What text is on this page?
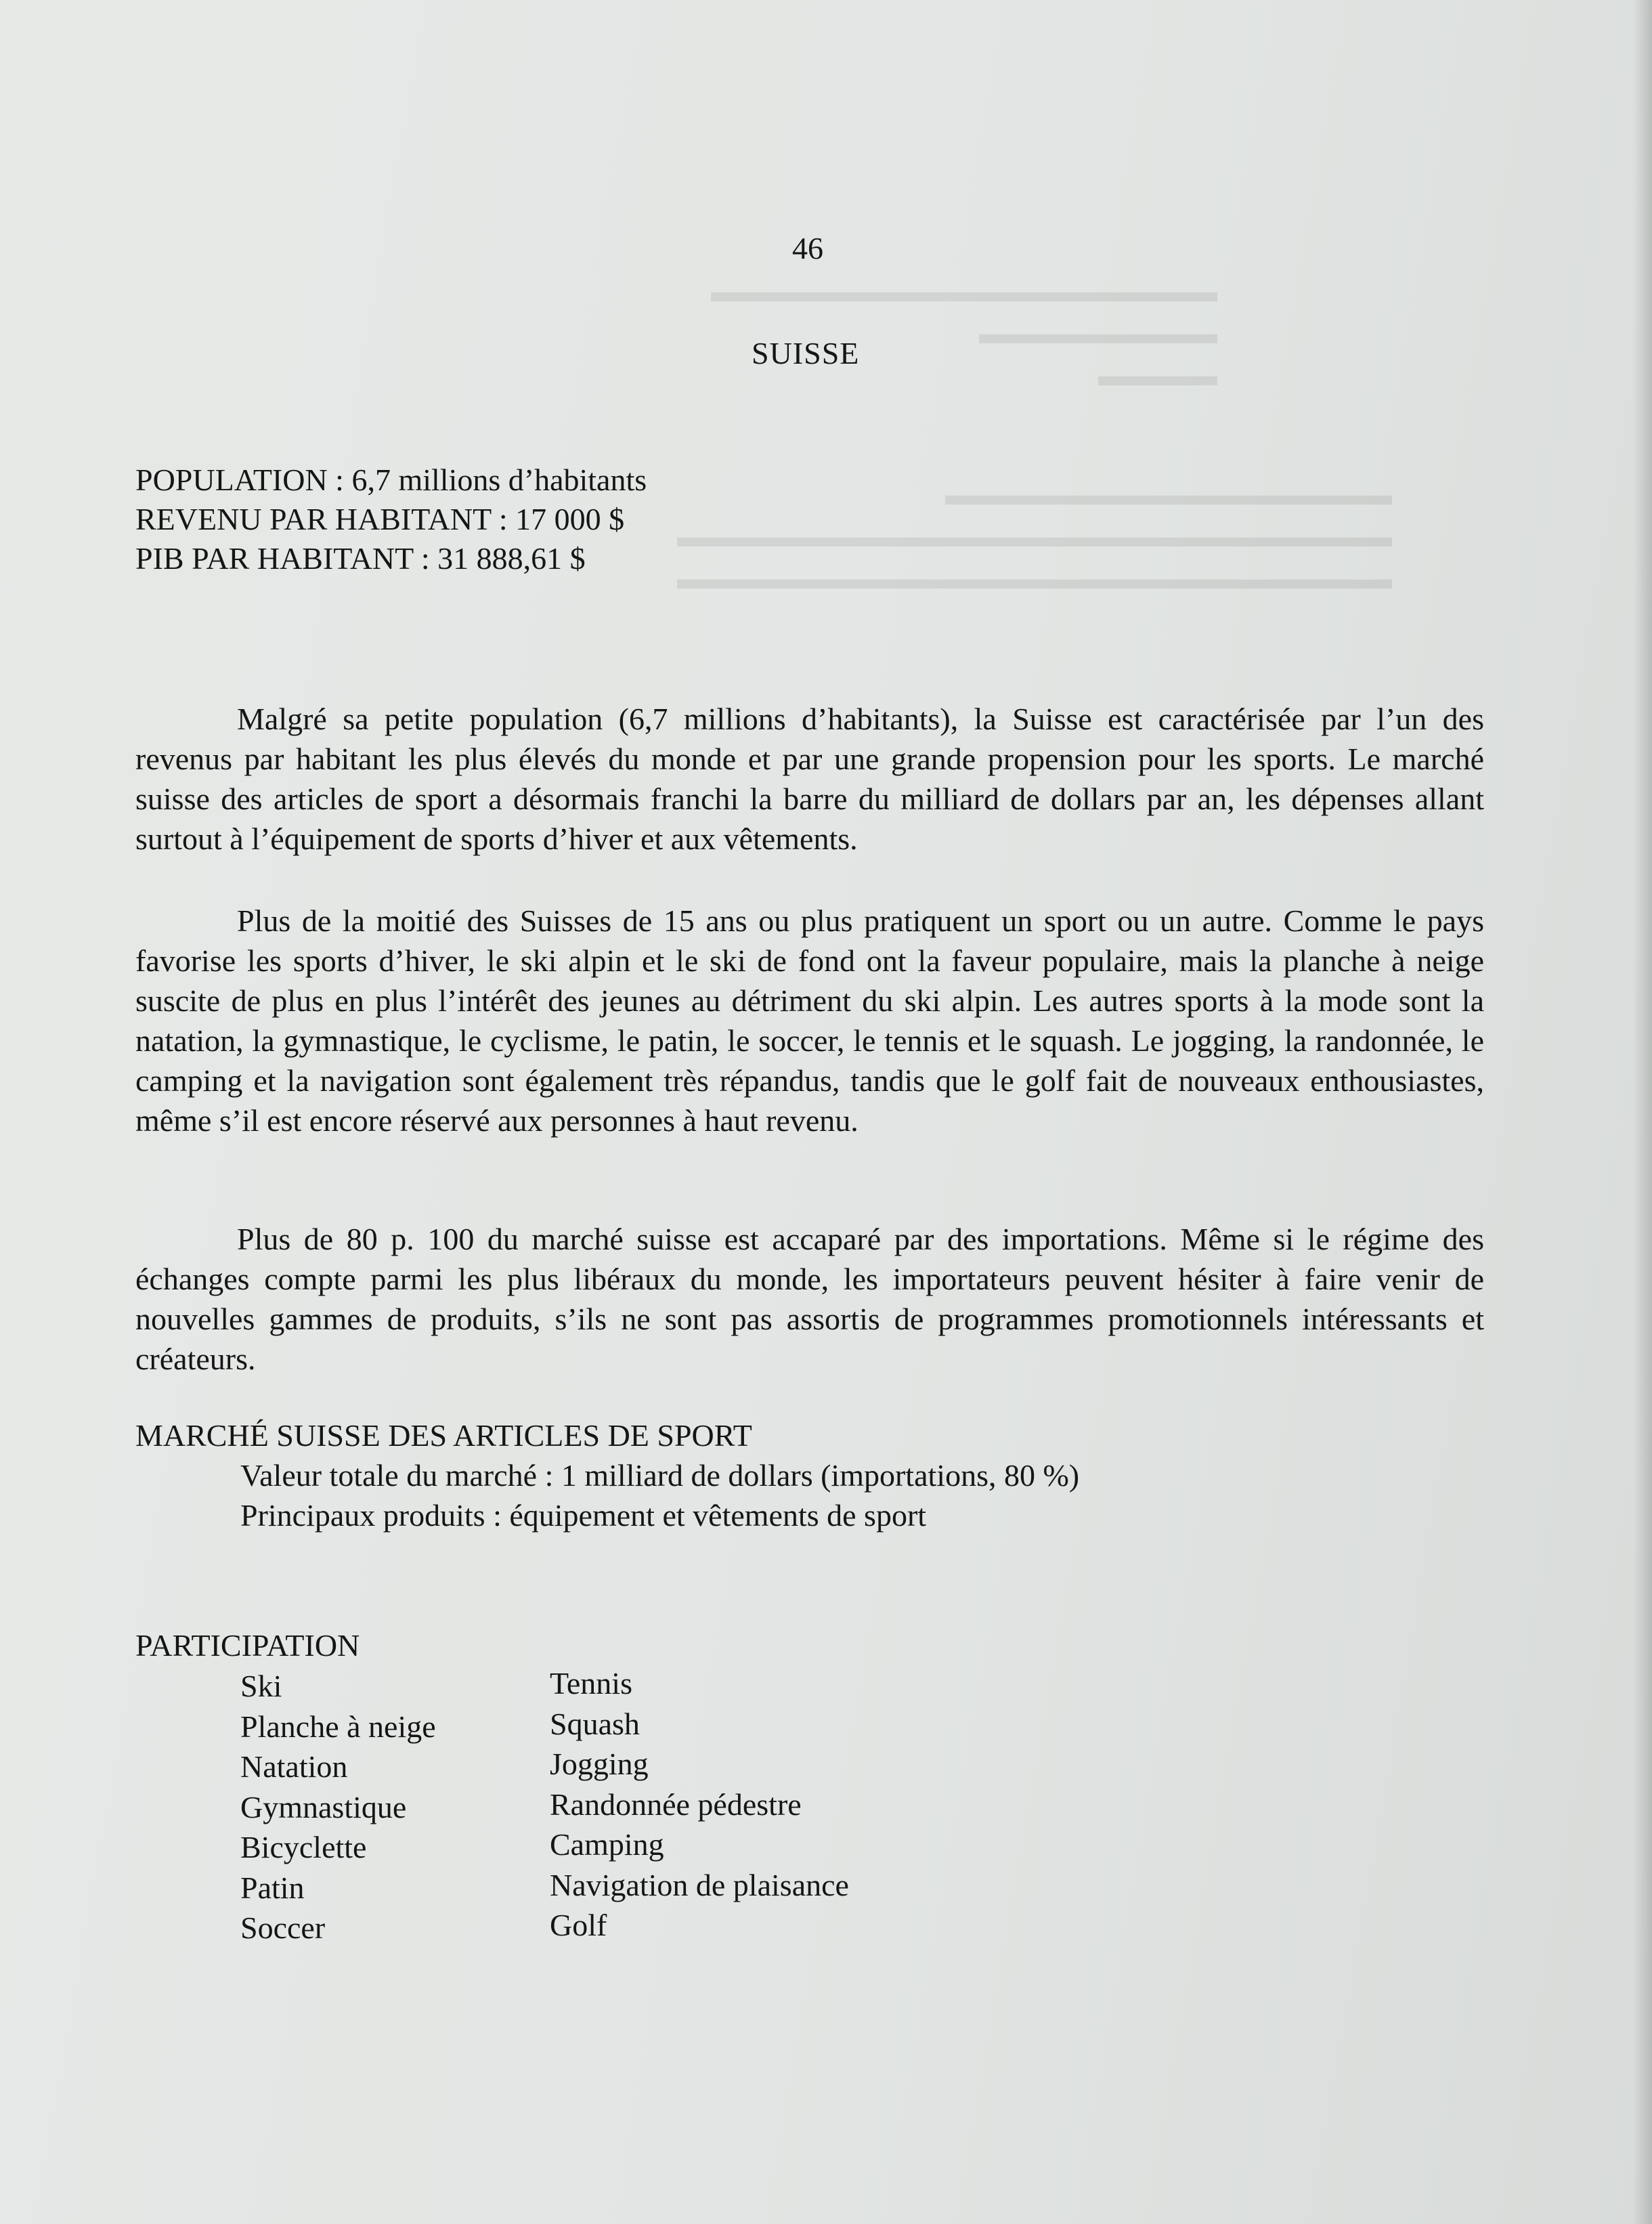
▬▬▬▬▬▬▬▬▬▬▬▬▬▬▬▬▬
▬▬▬▬▬▬▬▬
▬▬▬▬
▬▬▬▬▬▬▬▬▬▬▬▬▬▬▬
▬▬▬▬▬▬▬▬▬▬▬▬▬▬▬▬▬▬▬▬▬▬▬▬
▬▬▬▬▬▬▬▬▬▬▬▬▬▬▬▬▬▬▬▬▬▬▬▬
46
SUISSE
POPULATION : 6,7 millions d’habitants
REVENU PAR HABITANT : 17 000 $
PIB PAR HABITANT : 31 888,61 $
Malgré sa petite population (6,7 millions d’habitants), la Suisse est caractérisée par l’un des revenus par habitant les plus élevés du monde et par une grande propension pour les sports. Le marché suisse des articles de sport a désormais franchi la barre du milliard de dollars par an, les dépenses allant surtout à l’équipement de sports d’hiver et aux vêtements.
Plus de la moitié des Suisses de 15 ans ou plus pratiquent un sport ou un autre. Comme le pays favorise les sports d’hiver, le ski alpin et le ski de fond ont la faveur populaire, mais la planche à neige suscite de plus en plus l’intérêt des jeunes au détriment du ski alpin. Les autres sports à la mode sont la natation, la gymnastique, le cyclisme, le patin, le soccer, le tennis et le squash. Le jogging, la randonnée, le camping et la navigation sont également très répandus, tandis que le golf fait de nouveaux enthousiastes, même s’il est encore réservé aux personnes à haut revenu.
Plus de 80 p. 100 du marché suisse est accaparé par des importations. Même si le régime des échanges compte parmi les plus libéraux du monde, les importateurs peuvent hésiter à faire venir de nouvelles gammes de produits, s’ils ne sont pas assortis de programmes promotionnels intéressants et créateurs.
MARCHÉ SUISSE DES ARTICLES DE SPORT
Valeur totale du marché : 1 milliard de dollars (importations, 80 %)
Principaux produits : équipement et vêtements de sport
PARTICIPATION
Ski
Planche à neige
Natation
Gymnastique
Bicyclette
Patin
Soccer
Tennis
Squash
Jogging
Randonnée pédestre
Camping
Navigation de plaisance
Golf
